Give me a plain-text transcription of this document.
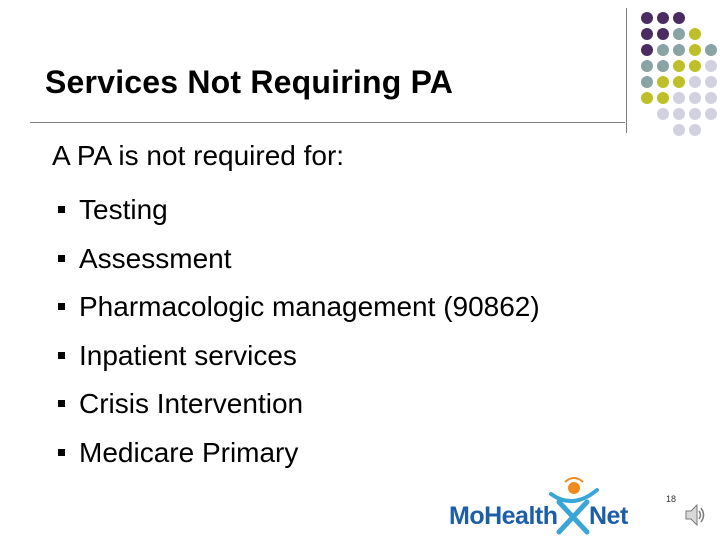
Services Not Requiring PA
A PA is not required for:
Testing
Assessment
Pharmacologic management (90862)
Inpatient services
Crisis Intervention
Medicare Primary
MoHealth Net
18
